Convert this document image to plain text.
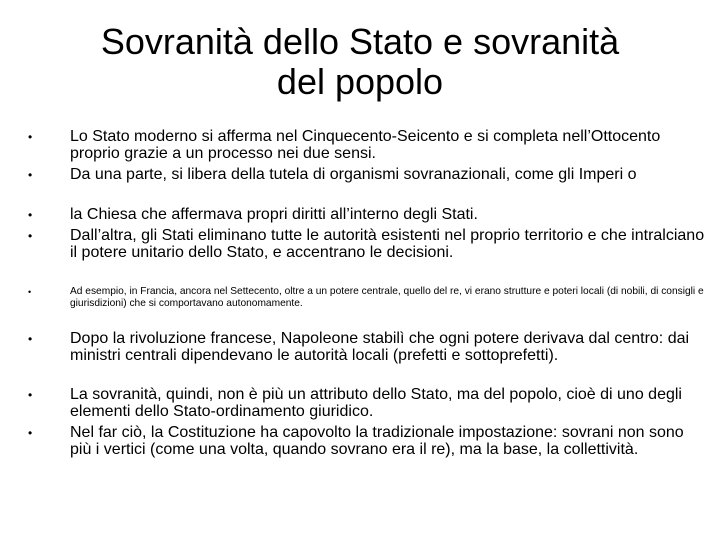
Sovranità dello Stato e sovranità
del popolo
• Lo Stato moderno si afferma nel Cinquecento-Seicento e si completa nell’Ottocento proprio grazie a un processo nei due sensi.
• Da una parte, si libera della tutela di organismi sovranazionali, come gli Imperi o
• la Chiesa che affermava propri diritti all’interno degli Stati.
• Dall’altra, gli Stati eliminano tutte le autorità esistenti nel proprio territorio e che intralciano il potere unitario dello Stato, e accentrano le decisioni.
•	Ad esempio, in Francia, ancora nel Settecento, oltre a un potere centrale, quello del re, vi erano strutture e poteri locali (di nobili, di consigli e giurisdizioni) che si comportavano autonomamente.
• Dopo la rivoluzione francese, Napoleone stabilì che ogni potere derivava dal centro: dai ministri centrali dipendevano le autorità locali (prefetti e sottoprefetti).
• La sovranità, quindi, non è più un attributo dello Stato, ma del popolo, cioè di uno degli elementi dello Stato-ordinamento giuridico.
• Nel far ciò, la Costituzione ha capovolto la tradizionale impostazione: sovrani non sono più i vertici (come una volta, quando sovrano era il re), ma la base, la collettività.
